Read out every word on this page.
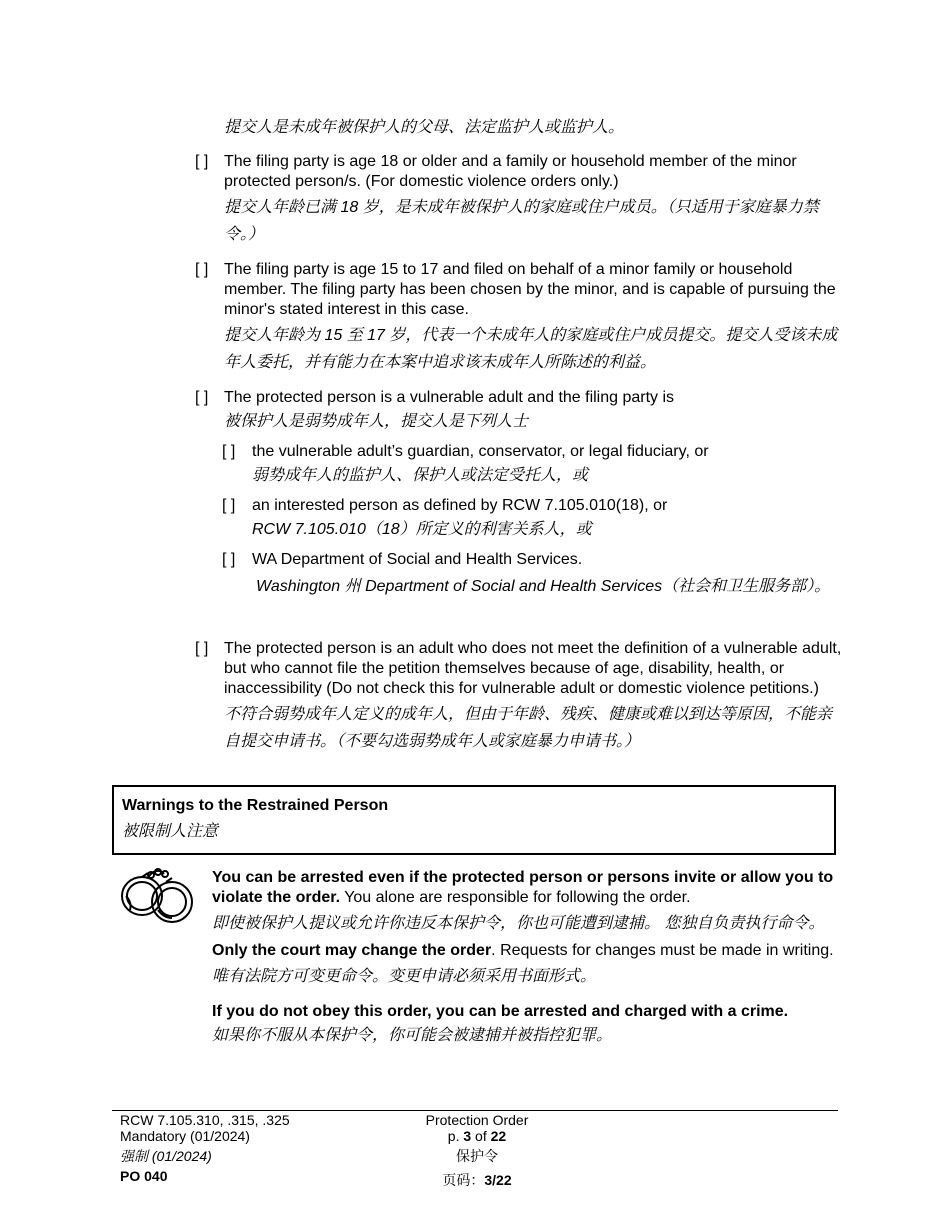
提交人是未成年被保护人的父母、法定监护人或监护人。
[ ] The filing party is age 18 or older and a family or household member of the minor protected person/s. (For domestic violence orders only.)
提交人年龄已满 18 岁，是未成年被保护人的家庭或住户成员。（只适用于家庭暴力禁令。）
[ ] The filing party is age 15 to 17 and filed on behalf of a minor family or household member. The filing party has been chosen by the minor, and is capable of pursuing the minor's stated interest in this case.
提交人年龄为 15 至 17 岁，代表一个未成年人的家庭或住户成员提交。提交人受该未成年人委托，并有能力在本案中追求该未成年人所陈述的利益。
[ ] The protected person is a vulnerable adult and the filing party is
被保护人是弱势成年人，提交人是下列人士
[ ] the vulnerable adult’s guardian, conservator, or legal fiduciary, or
弱势成年人的监护人、保护人或法定受托人，或
[ ] an interested person as defined by RCW 7.105.010(18), or
RCW 7.105.010（18）所定义的利害关系人，或
[ ] WA Department of Social and Health Services.
Washington 州 Department of Social and Health Services（社会和卫生服务部）。
[ ] The protected person is an adult who does not meet the definition of a vulnerable adult, but who cannot file the petition themselves because of age, disability, health, or inaccessibility (Do not check this for vulnerable adult or domestic violence petitions.)
不符合弱势成年人定义的成年人，但由于年龄、残疾、健康或难以到达等原因，不能亲自提交申请书。（不要勾选弱势成年人或家庭暴力申请书。）
Warnings to the Restrained Person
被限制人注意
You can be arrested even if the protected person or persons invite or allow you to violate the order. You alone are responsible for following the order.
即使被保护人提议或允许你违反本保护令，你也可能遭到逮捕。 您独自负责执行命令。
Only the court may change the order. Requests for changes must be made in writing.
唯有法院方可变更命令。变更申请必须采用书面形式。
If you do not obey this order, you can be arrested and charged with a crime.
如果你不服从本保护令，你可能会被逮捕并被指控犯罪。
RCW 7.105.310, .315, .325
Mandatory (01/2024)
强制 (01/2024)
PO 040
Protection Order
p. 3 of 22
保护令
页码：3/22
